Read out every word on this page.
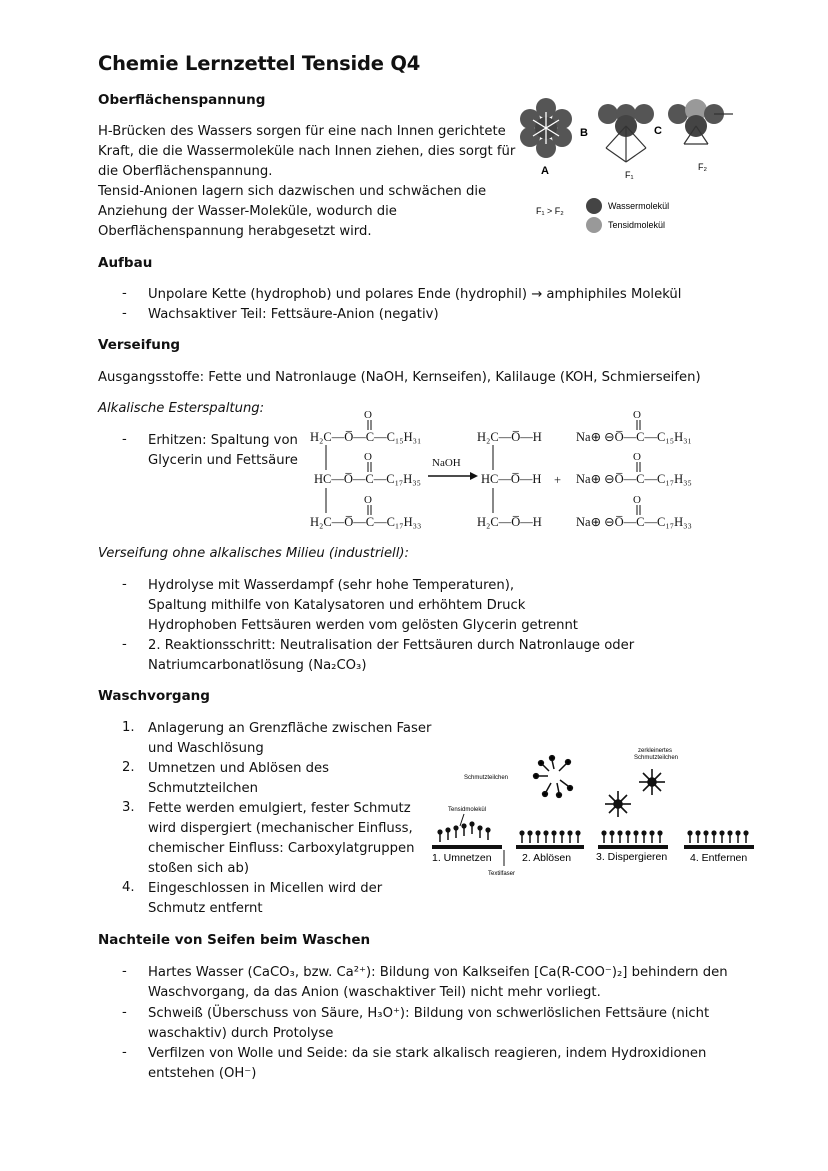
Chemie Lernzettel Tenside Q4
Oberflächenspannung
H-Brücken des Wassers sorgen für eine nach Innen gerichtete
Kraft, die die Wassermoleküle nach Innen ziehen, dies sorgt für
die Oberflächenspannung.
Tensid-Anionen lagern sich dazwischen und schwächen die
Anziehung der Wasser-Moleküle, wodurch die
Oberflächenspannung herabgesetzt wird.
B	C
A	F₁
F₂
F₁ > F₂	Wassermolekül
Tensidmolekül
Aufbau
- Unpolare Kette (hydrophob) und polares Ende (hydrophil) → amphiphiles Molekül
- Wachsaktiver Teil: Fettsäure-Anion (negativ)
Verseifung
Ausgangsstoffe: Fette und Natronlauge (NaOH, Kernseifen), Kalilauge (KOH, Schmierseifen)
Alkalische Esterspaltung:
- Erhitzen: Spaltung von
Glycerin und Fettsäure
H₂C—O̅—C—C₁₅H₃₁
HC—O̅—C—C₁₇H₃₅
H₂C—O̅—C—C₁₇H₃₃
O
O
O
NaOH
H₂C—O̅—H
HC—O̅—H
H₂C—O̅—H
+
Na⊕ ⊖O̅—C—C₁₅H₃₁
Na⊕ ⊖O̅—C—C₁₇H₃₅
Na⊕ ⊖O̅—C—C₁₇H₃₃
O
O
O
Verseifung ohne alkalisches Milieu (industriell):
- Hydrolyse mit Wasserdampf (sehr hohe Temperaturen),
Spaltung mithilfe von Katalysatoren und erhöhtem Druck
Hydrophoben Fettsäuren werden vom gelösten Glycerin getrennt
- 2. Reaktionsschritt: Neutralisation der Fettsäuren durch Natronlauge oder
Natriumcarbonatlösung (Na₂CO₃)
Waschvorgang
1. Anlagerung an Grenzfläche zwischen Faser
und Waschlösung
2. Umnetzen und Ablösen des
Schmutzteilchen
3. Fette werden emulgiert, fester Schmutz
wird dispergiert (mechanischer Einfluss,
chemischer Einfluss: Carboxylatgruppen
stoßen sich ab)
4. Eingeschlossen in Micellen wird der
Schmutz entfernt
Schmutzteilchen
zerkleinertes
Schmutzteilchen
Tensidmolekül
1. Umnetzen	2. Ablösen 3. Dispergieren 4. Entfernen
Textilfaser
Nachteile von Seifen beim Waschen
- Hartes Wasser (CaCO₃, bzw. Ca²⁺): Bildung von Kalkseifen [Ca(R-COO⁻)₂] behindern den
Waschvorgang, da das Anion (waschaktiver Teil) nicht mehr vorliegt.
- Schweiß (Überschuss von Säure, H₃O⁺): Bildung von schwerlöslichen Fettsäure (nicht
waschaktiv) durch Protolyse
- Verfilzen von Wolle und Seide: da sie stark alkalisch reagieren, indem Hydroxidionen
entstehen (OH⁻)
